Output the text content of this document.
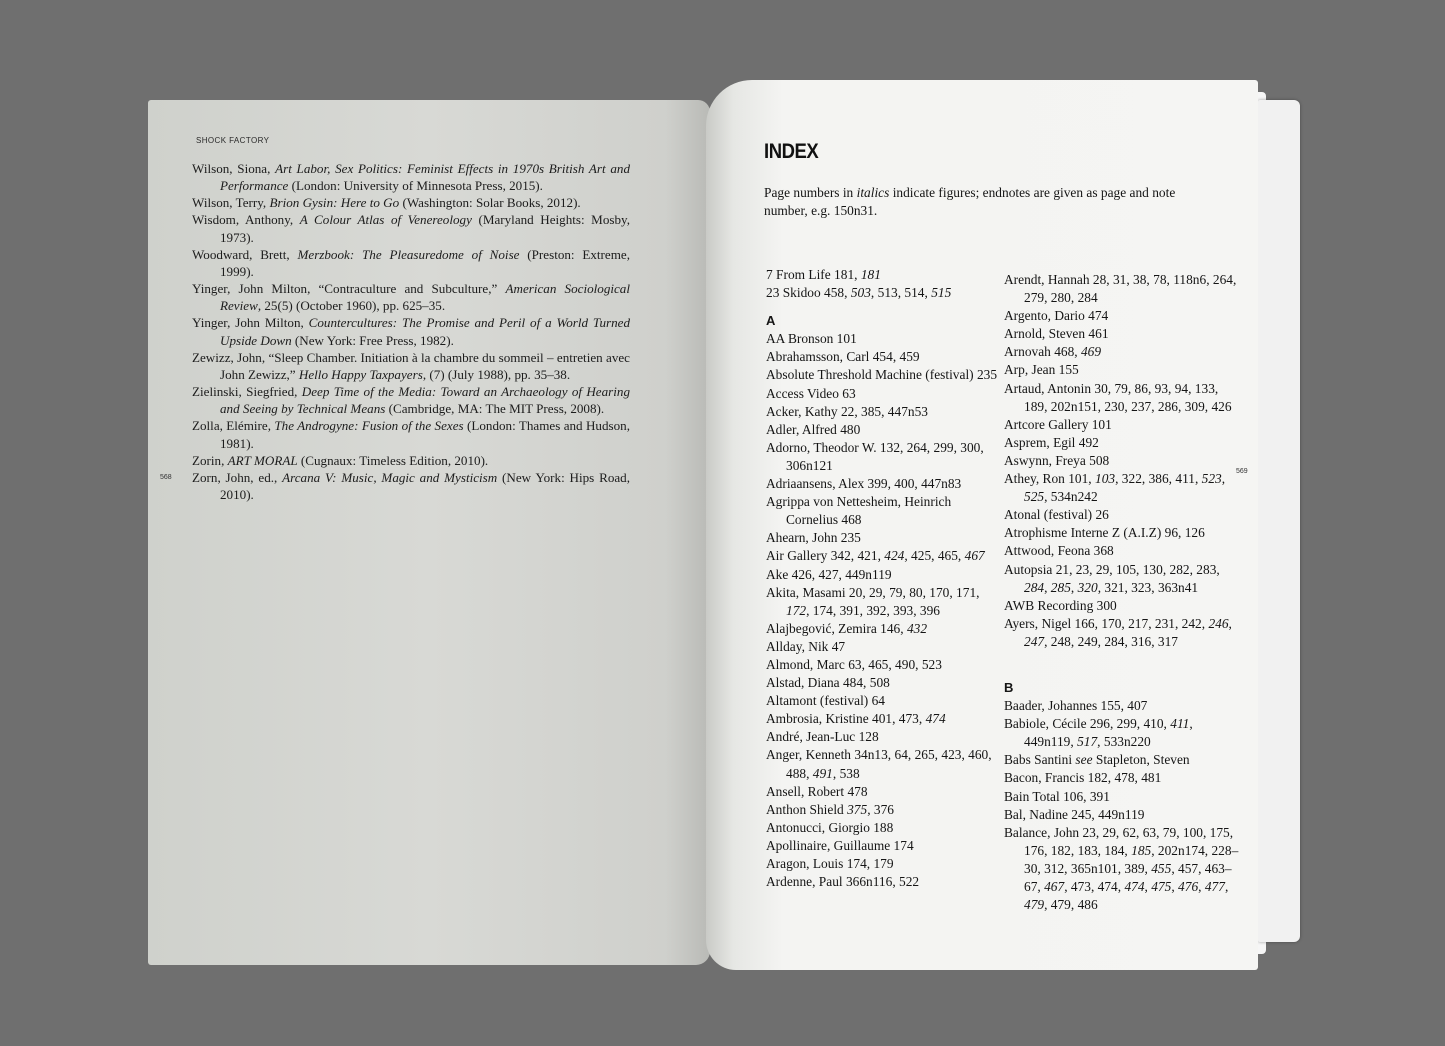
SHOCK FACTORY
568
Wilson, Siona, Art Labor, Sex Politics: Feminist Effects in 1970s British Art and Performance (London: University of Minnesota Press, 2015).
Wilson, Terry, Brion Gysin: Here to Go (Washington: Solar Books, 2012).
Wisdom, Anthony, A Colour Atlas of Venereology (Maryland Heights: Mosby, 1973).
Woodward, Brett, Merzbook: The Pleasuredome of Noise (Preston: Extreme, 1999).
Yinger, John Milton, “Contraculture and Subculture,” American Sociological Review, 25(5) (October 1960), pp. 625–35.
Yinger, John Milton, Countercultures: The Promise and Peril of a World Turned Upside Down (New York: Free Press, 1982).
Zewizz, John, “Sleep Chamber. Initiation à la chambre du sommeil – entretien avec John Zewizz,” Hello Happy Taxpayers, (7) (July 1988), pp. 35–38.
Zielinski, Siegfried, Deep Time of the Media: Toward an Archaeology of Hearing and Seeing by Technical Means (Cambridge, MA: The MIT Press, 2008).
Zolla, Elémire, The Androgyne: Fusion of the Sexes (London: Thames and Hudson, 1981).
Zorin, ART MORAL (Cugnaux: Timeless Edition, 2010).
Zorn, John, ed., Arcana V: Music, Magic and Mysticism (New York: Hips Road, 2010).
INDEX
Page numbers in italics indicate figures; endnotes are given as page and note number, e.g. 150n31.
7 From Life 181, 181
23 Skidoo 458, 503, 513, 514, 515
A
AA Bronson 101
Abrahamsson, Carl 454, 459
Absolute Threshold Machine (festival) 235
Access Video 63
Acker, Kathy 22, 385, 447n53
Adler, Alfred 480
Adorno, Theodor W. 132, 264, 299, 300, 306n121
Adriaansens, Alex 399, 400, 447n83
Agrippa von Nettesheim, Heinrich Cornelius 468
Ahearn, John 235
Air Gallery 342, 421, 424, 425, 465, 467
Ake 426, 427, 449n119
Akita, Masami 20, 29, 79, 80, 170, 171, 172, 174, 391, 392, 393, 396
Alajbegović, Zemira 146, 432
Allday, Nik 47
Almond, Marc 63, 465, 490, 523
Alstad, Diana 484, 508
Altamont (festival) 64
Ambrosia, Kristine 401, 473, 474
André, Jean-Luc 128
Anger, Kenneth 34n13, 64, 265, 423, 460, 488, 491, 538
Ansell, Robert 478
Anthon Shield 375, 376
Antonucci, Giorgio 188
Apollinaire, Guillaume 174
Aragon, Louis 174, 179
Ardenne, Paul 366n116, 522
Arendt, Hannah 28, 31, 38, 78, 118n6, 264, 279, 280, 284
Argento, Dario 474
Arnold, Steven 461
Arnovah 468, 469
Arp, Jean 155
Artaud, Antonin 30, 79, 86, 93, 94, 133, 189, 202n151, 230, 237, 286, 309, 426
Artcore Gallery 101
Asprem, Egil 492
Aswynn, Freya 508
Athey, Ron 101, 103, 322, 386, 411, 523, 525, 534n242
Atonal (festival) 26
Atrophisme Interne Z (A.I.Z) 96, 126
Attwood, Feona 368
Autopsia 21, 23, 29, 105, 130, 282, 283, 284, 285, 320, 321, 323, 363n41
AWB Recording 300
Ayers, Nigel 166, 170, 217, 231, 242, 246, 247, 248, 249, 284, 316, 317
B
Baader, Johannes 155, 407
Babiole, Cécile 296, 299, 410, 411, 449n119, 517, 533n220
Babs Santini see Stapleton, Steven
Bacon, Francis 182, 478, 481
Bain Total 106, 391
Bal, Nadine 245, 449n119
Balance, John 23, 29, 62, 63, 79, 100, 175, 176, 182, 183, 184, 185, 202n174, 228–30, 312, 365n101, 389, 455, 457, 463–67, 467, 473, 474, 474, 475, 476, 477, 479, 479, 486
569
